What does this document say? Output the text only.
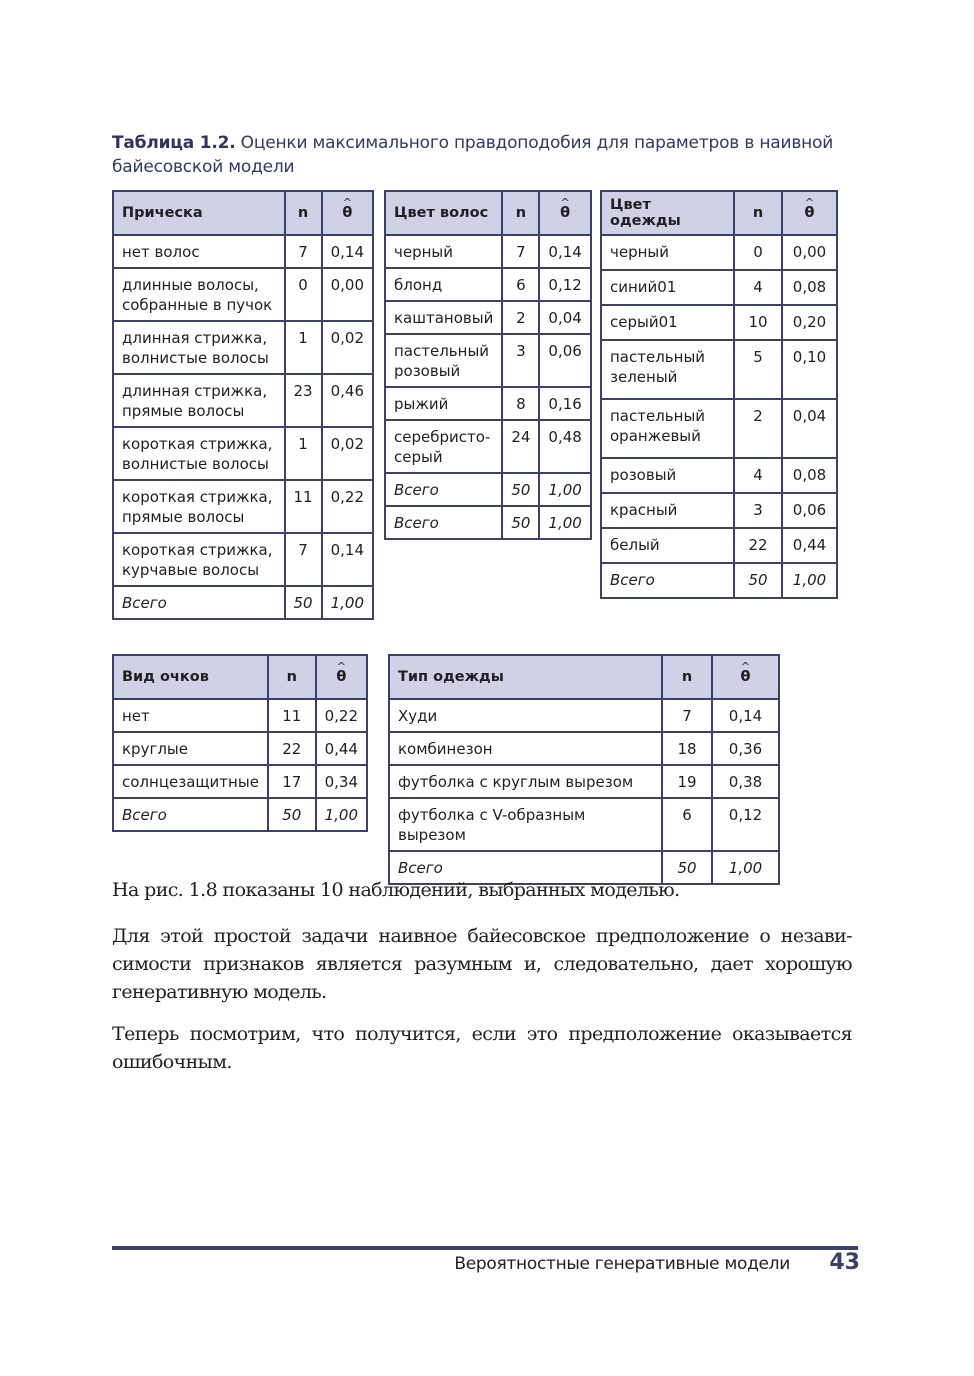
Таблица 1.2. Оценки максимального правдоподобия для параметров в наивной байесовской модели
Прическа	n	^ θ
нет волос	7	0,14
длинные волосы, собранные в пучок	0	0,00
длинная стрижка, волнистые волосы	1	0,02
длинная стрижка, прямые волосы	23	0,46
короткая стрижка, волнистые волосы	1	0,02
короткая стрижка, прямые волосы	11	0,22
короткая стрижка, курчавые волосы	7	0,14
Всего	50	1,00
Цвет волос	n	^ θ
черный	7	0,14
блонд	6	0,12
каштановый	2	0,04
пастельный розовый	3	0,06
рыжий	8	0,16
серебристо-серый	24	0,48
Всего	50	1,00
Всего	50	1,00
Цвет одежды	n	^ θ
черный	0	0,00
синий01	4	0,08
серый01	10	0,20
пастельный зеленый	5	0,10
пастельный оранжевый	2	0,04
розовый	4	0,08
красный	3	0,06
белый	22	0,44
Всего	50	1,00
Вид очков	n	^ θ
нет	11	0,22
круглые	22	0,44
солнцезащитные	17	0,34
Всего	50	1,00
Тип одежды	n	^ θ
Худи	7	0,14
комбинезон	18	0,36
футболка с круглым вырезом	19	0,38
футболка с V-образным вырезом	6	0,12
Всего	50	1,00

На рис. 1.8 показаны 10 наблюдений, выбранных моделью.

Для этой простой задачи наивное байесовское предположение о незави-симости признаков является разумным и, следовательно, дает хорошую генеративную модель.

Теперь посмотрим, что получится, если это предположение оказывается ошибочным.

Вероятностные генеративные модели	43
